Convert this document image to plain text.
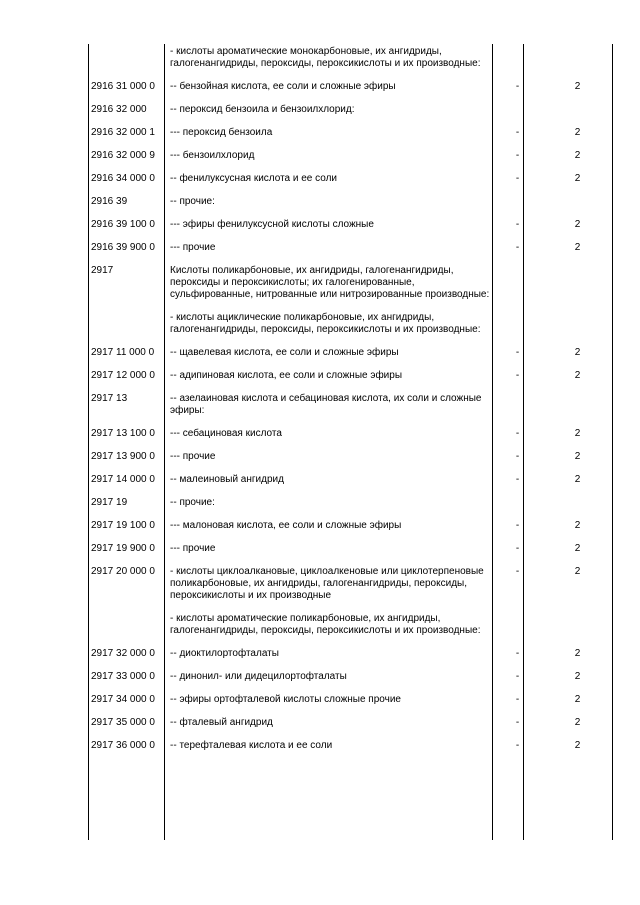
	- кислоты ароматические монокарбоновые, их ангидриды, галогенангидриды, пероксиды, пероксикислоты и их производные:		
2916 31 000 0	-- бензойная кислота, ее соли и сложные эфиры	-	2
2916 32 000	-- пероксид бензоила и бензоилхлорид:		
2916 32 000 1	--- пероксид бензоила	-	2
2916 32 000 9	--- бензоилхлорид	-	2
2916 34 000 0	-- фенилуксусная кислота и ее соли	-	2
2916 39	-- прочие:		
2916 39 100 0	--- эфиры фенилуксусной кислоты сложные	-	2
2916 39 900 0	--- прочие	-	2
2917	Кислоты поликарбоновые, их ангидриды, галогенангидриды, пероксиды и пероксикислоты; их галогенированные, сульфированные, нитрованные или нитрозированные производные:		
	- кислоты ациклические поликарбоновые, их ангидриды, галогенангидриды, пероксиды, пероксикислоты и их производные:		
2917 11 000 0	-- щавелевая кислота, ее соли и сложные эфиры	-	2
2917 12 000 0	-- адипиновая кислота, ее соли и сложные эфиры	-	2
2917 13	-- азелаиновая кислота и себациновая кислота, их соли и сложные эфиры:		
2917 13 100 0	--- себациновая кислота	-	2
2917 13 900 0	--- прочие	-	2
2917 14 000 0	-- малеиновый ангидрид	-	2
2917 19	-- прочие:		
2917 19 100 0	--- малоновая кислота, ее соли и сложные эфиры	-	2
2917 19 900 0	--- прочие	-	2
2917 20 000 0	- кислоты циклоалкановые, циклоалкеновые или циклотерпеновые поликарбоновые, их ангидриды, галогенангидриды, пероксиды, пероксикислоты и их производные	-	2
	- кислоты ароматические поликарбоновые, их ангидриды, галогенангидриды, пероксиды, пероксикислоты и их производные:		
2917 32 000 0	-- диоктилортофталаты	-	2
2917 33 000 0	-- динонил- или дидецилортофталаты	-	2
2917 34 000 0	-- эфиры ортофталевой кислоты сложные прочие	-	2
2917 35 000 0	-- фталевый ангидрид	-	2
2917 36 000 0	-- терефталевая кислота и ее соли	-	2
